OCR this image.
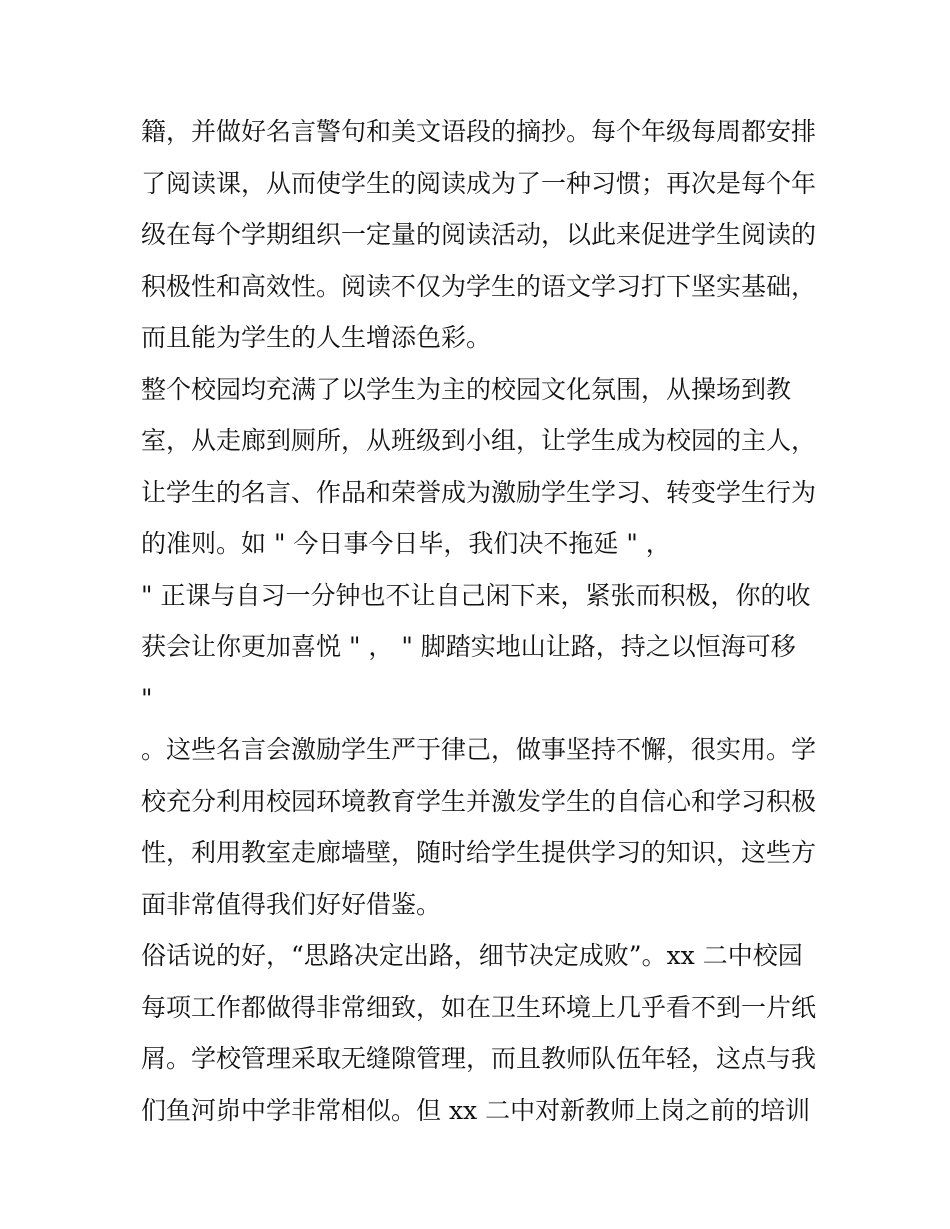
籍，并做好名言警句和美文语段的摘抄。每个年级每周都安排
了阅读课，从而使学生的阅读成为了一种习惯；再次是每个年
级在每个学期组织一定量的阅读活动，以此来促进学生阅读的
积极性和高效性。阅读不仅为学生的语文学习打下坚实基础，
而且能为学生的人生增添色彩。
整个校园均充满了以学生为主的校园文化氛围，从操场到教
室，从走廊到厕所，从班级到小组，让学生成为校园的主人，
让学生的名言、作品和荣誉成为激励学生学习、转变学生行为
的准则。如 " 今日事今日毕，我们决不拖延 " ，
" 正课与自习一分钟也不让自己闲下来，紧张而积极，你的收
获会让你更加喜悦 " ， " 脚踏实地山让路，持之以恒海可移
"
。这些名言会激励学生严于律己，做事坚持不懈，很实用。学
校充分利用校园环境教育学生并激发学生的自信心和学习积极
性，利用教室走廊墙壁，随时给学生提供学习的知识，这些方
面非常值得我们好好借鉴。
俗话说的好，“思路决定出路，细节决定成败”。xx 二中校园
每项工作都做得非常细致，如在卫生环境上几乎看不到一片纸
屑。学校管理采取无缝隙管理，而且教师队伍年轻，这点与我
们鱼河峁中学非常相似。但 xx 二中对新教师上岗之前的培训
